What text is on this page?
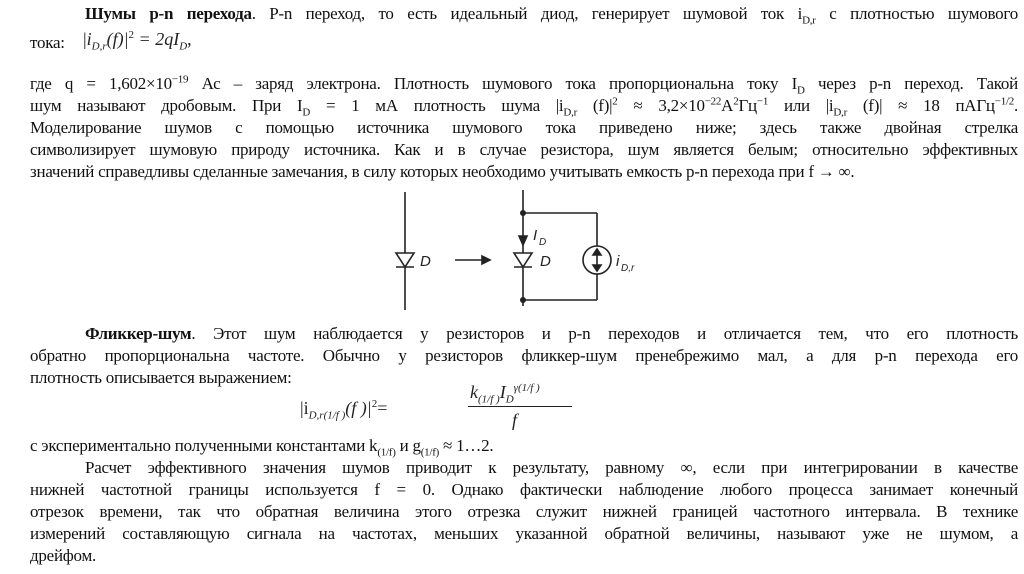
Шумы p-n перехода. P-n переход, то есть идеальный диод, генерирует шумовой ток $i_{D,r}$ с плотностью шумового
тока:	$|i_{D,r}(f)|^2 = 2qI_D$,
где $q = 1,602\times 10^{-19}$ Ас – заряд электрона. Плотность шумового тока пропорциональна току $I_D$ через p-n переход. Такой
шум называют дробовым. При $I_D = 1$ мА плотность шума $|i_{D,r}$ $(f)|^2 \approx 3,2\times 10^{-22}А^2Гц^{-1}$ или $|i_{D,r}$ (f)| ≈ 18 пАГц$^{-1/2}$.
Моделирование шумов с помощью источника шумового тока приведено ниже; здесь также двойная стрелка
символизирует шумовую природу источника. Как и в случае резистора, шум является белым; относительно эффективных
значений справедливы сделанные замечания, в силу которых необходимо учитывать емкость p-n перехода при f → ∞.
D	D
I D
i D,r
Фликкер-шум. Этот шум наблюдается у резисторов и p-n переходов и отличается тем, что его плотность
обратно пропорциональна частоте. Обычно у резисторов фликкер-шум пренебрежимо мал, а для p-n перехода его
плотность описывается выражением:
$|i_{D,r(1/f )}(f$ )$|^2=$
$k_{(1/f )}I_D^{\gamma(1/f )}$
f
с экспериментально полученными константами $k_{(1/f)}$ и $g_{(1/f)}$ ≈ 1…2.
Расчет эффективного значения шумов приводит к результату, равному ∞, если при интегрировании в качестве
нижней частотной границы используется f = 0. Однако фактически наблюдение любого процесса занимает конечный
отрезок времени, так что обратная величина этого отрезка служит нижней границей частотного интервала. В технике
измерений составляющую сигнала на частотах, меньших указанной обратной величины, называют уже не шумом, а
дрейфом.
